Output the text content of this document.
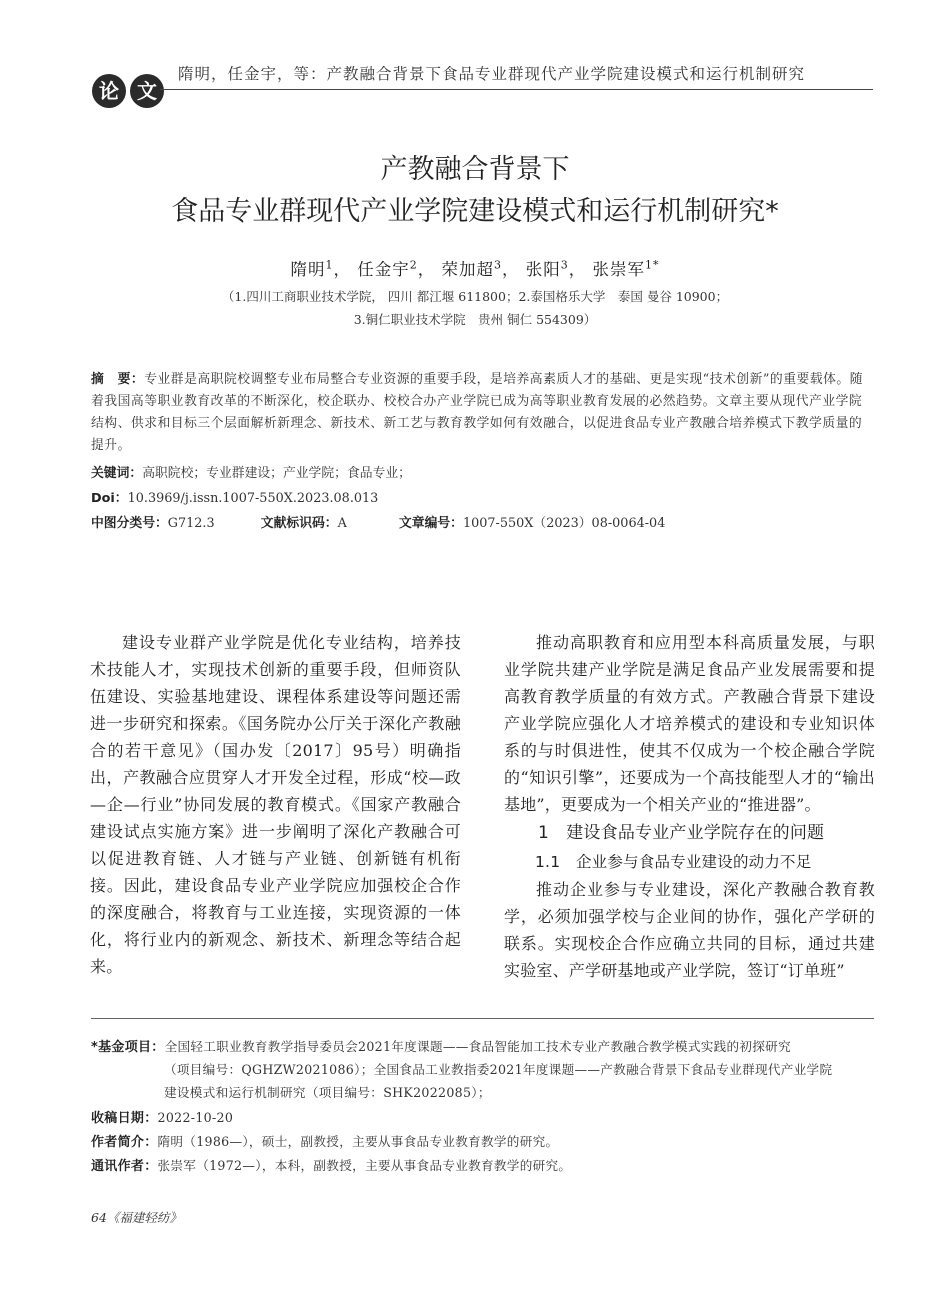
论 文
隋明，任金宇，等：产教融合背景下食品专业群现代产业学院建设模式和运行机制研究
产教融合背景下
食品专业群现代产业学院建设模式和运行机制研究*
隋明$^1$， 任金宇$^2$， 荣加超$^3$， 张阳$^3$， 张崇军$^{1*}$
（1.四川工商职业技术学院， 四川 都江堰 611800；2.泰国格乐大学　泰国 曼谷 10900；
3.铜仁职业技术学院　贵州 铜仁 554309）
摘　要：专业群是高职院校调整专业布局整合专业资源的重要手段，是培养高素质人才的基础、更是实现“技术创新”的重要载体。随着我国高等职业教育改革的不断深化，校企联办、校校合办产业学院已成为高等职业教育发展的必然趋势。文章主要从现代产业学院结构、供求和目标三个层面解析新理念、新技术、新工艺与教育教学如何有效融合，以促进食品专业产教融合培养模式下教学质量的提升。
关键词：高职院校；专业群建设；产业学院；食品专业；
Doi：10.3969/j.issn.1007-550X.2023.08.013
中图分类号：G712.3	文献标识码：A	文章编号：1007-550X（2023）08-0064-04

建设专业群产业学院是优化专业结构，培养技术技能人才，实现技术创新的重要手段，但师资队伍建设、实验基地建设、课程体系建设等问题还需进一步研究和探索。《国务院办公厅关于深化产教融合的若干意见》（国办发〔2017〕95号）明确指出，产教融合应贯穿人才开发全过程，形成“校—政—企—行业”协同发展的教育模式。《国家产教融合建设试点实施方案》进一步阐明了深化产教融合可以促进教育链、人才链与产业链、创新链有机衔接。因此，建设食品专业产业学院应加强校企合作的深度融合，将教育与工业连接，实现资源的一体化，将行业内的新观念、新技术、新理念等结合起来。

推动高职教育和应用型本科高质量发展，与职业学院共建产业学院是满足食品产业发展需要和提高教育教学质量的有效方式。产教融合背景下建设产业学院应强化人才培养模式的建设和专业知识体系的与时俱进性，使其不仅成为一个校企融合学院的“知识引擎”，还要成为一个高技能型人才的“输出基地”，更要成为一个相关产业的“推进器”。

1　建设食品专业产业学院存在的问题

1.1　企业参与食品专业建设的动力不足

推动企业参与专业建设，深化产教融合教育教学，必须加强学校与企业间的协作，强化产学研的联系。实现校企合作应确立共同的目标，通过共建实验室、产学研基地或产业学院，签订“订单班”

*基金项目：全国轻工职业教育教学指导委员会2021年度课题——食品智能加工技术专业产教融合教学模式实践的初探研究
（项目编号：QGHZW2021086）；全国食品工业教指委2021年度课题——产教融合背景下食品专业群现代产业学院
建设模式和运行机制研究（项目编号：SHK2022085）；
收稿日期：2022-10-20
作者简介：隋明（1986—），硕士，副教授，主要从事食品专业教育教学的研究。
通讯作者：张崇军（1972—），本科，副教授，主要从事食品专业教育教学的研究。
64《福建轻纺》
